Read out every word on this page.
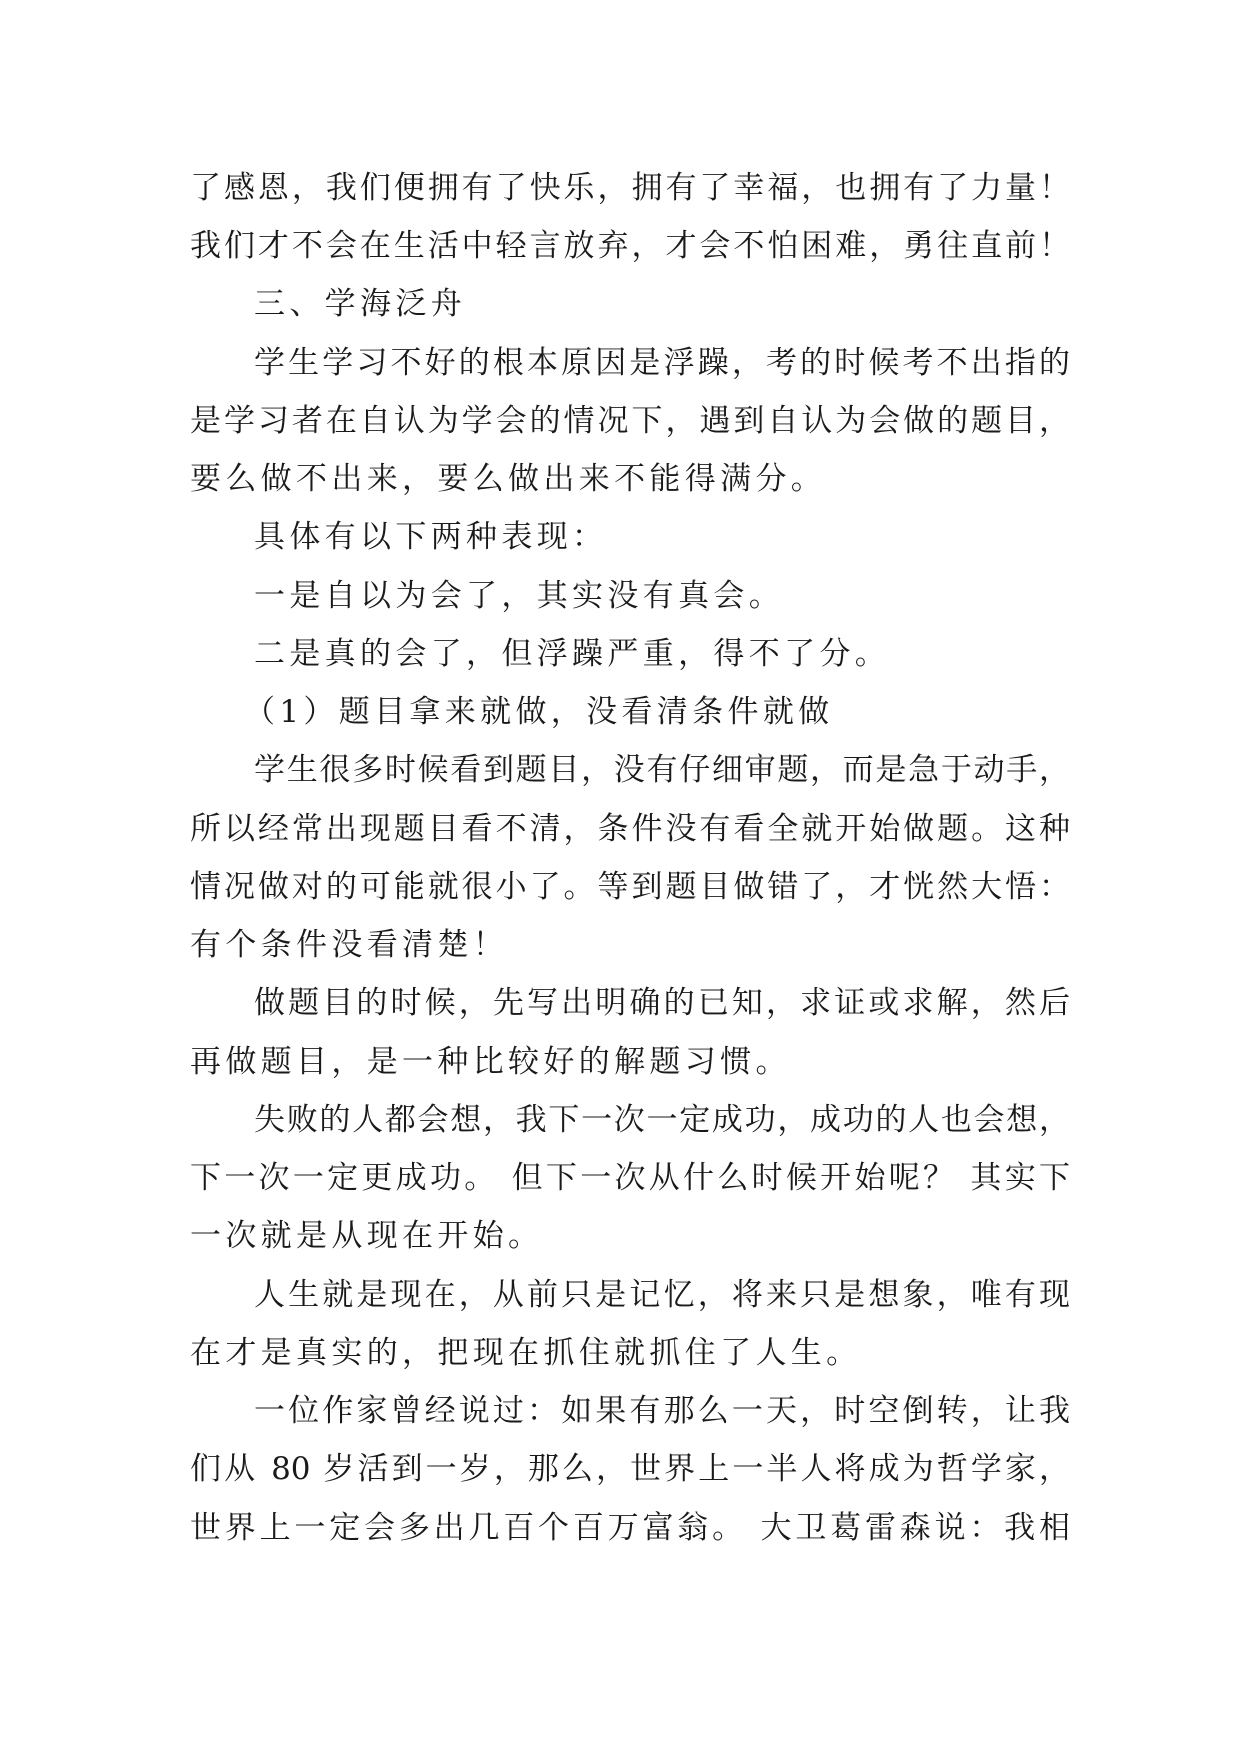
了感恩，我们便拥有了快乐，拥有了幸福，也拥有了力量！
我们才不会在生活中轻言放弃，才会不怕困难，勇往直前！
三、学海泛舟
学生学习不好的根本原因是浮躁，考的时候考不出指的
是学习者在自认为学会的情况下，遇到自认为会做的题目，
要么做不出来，要么做出来不能得满分。
具体有以下两种表现：
一是自以为会了，其实没有真会。
二是真的会了，但浮躁严重，得不了分。
（1）题目拿来就做，没看清条件就做
学生很多时候看到题目，没有仔细审题，而是急于动手，
所以经常出现题目看不清，条件没有看全就开始做题。这种
情况做对的可能就很小了。等到题目做错了，才恍然大悟：
有个条件没看清楚！
做题目的时候，先写出明确的已知，求证或求解，然后
再做题目，是一种比较好的解题习惯。
失败的人都会想，我下一次一定成功，成功的人也会想，
下一次一定更成功。 但下一次从什么时候开始呢？ 其实下
一次就是从现在开始。
人生就是现在，从前只是记忆，将来只是想象，唯有现
在才是真实的，把现在抓住就抓住了人生。
一位作家曾经说过：如果有那么一天，时空倒转，让我
们从 80 岁活到一岁，那么，世界上一半人将成为哲学家，
世界上一定会多出几百个百万富翁。 大卫葛雷森说：我相
